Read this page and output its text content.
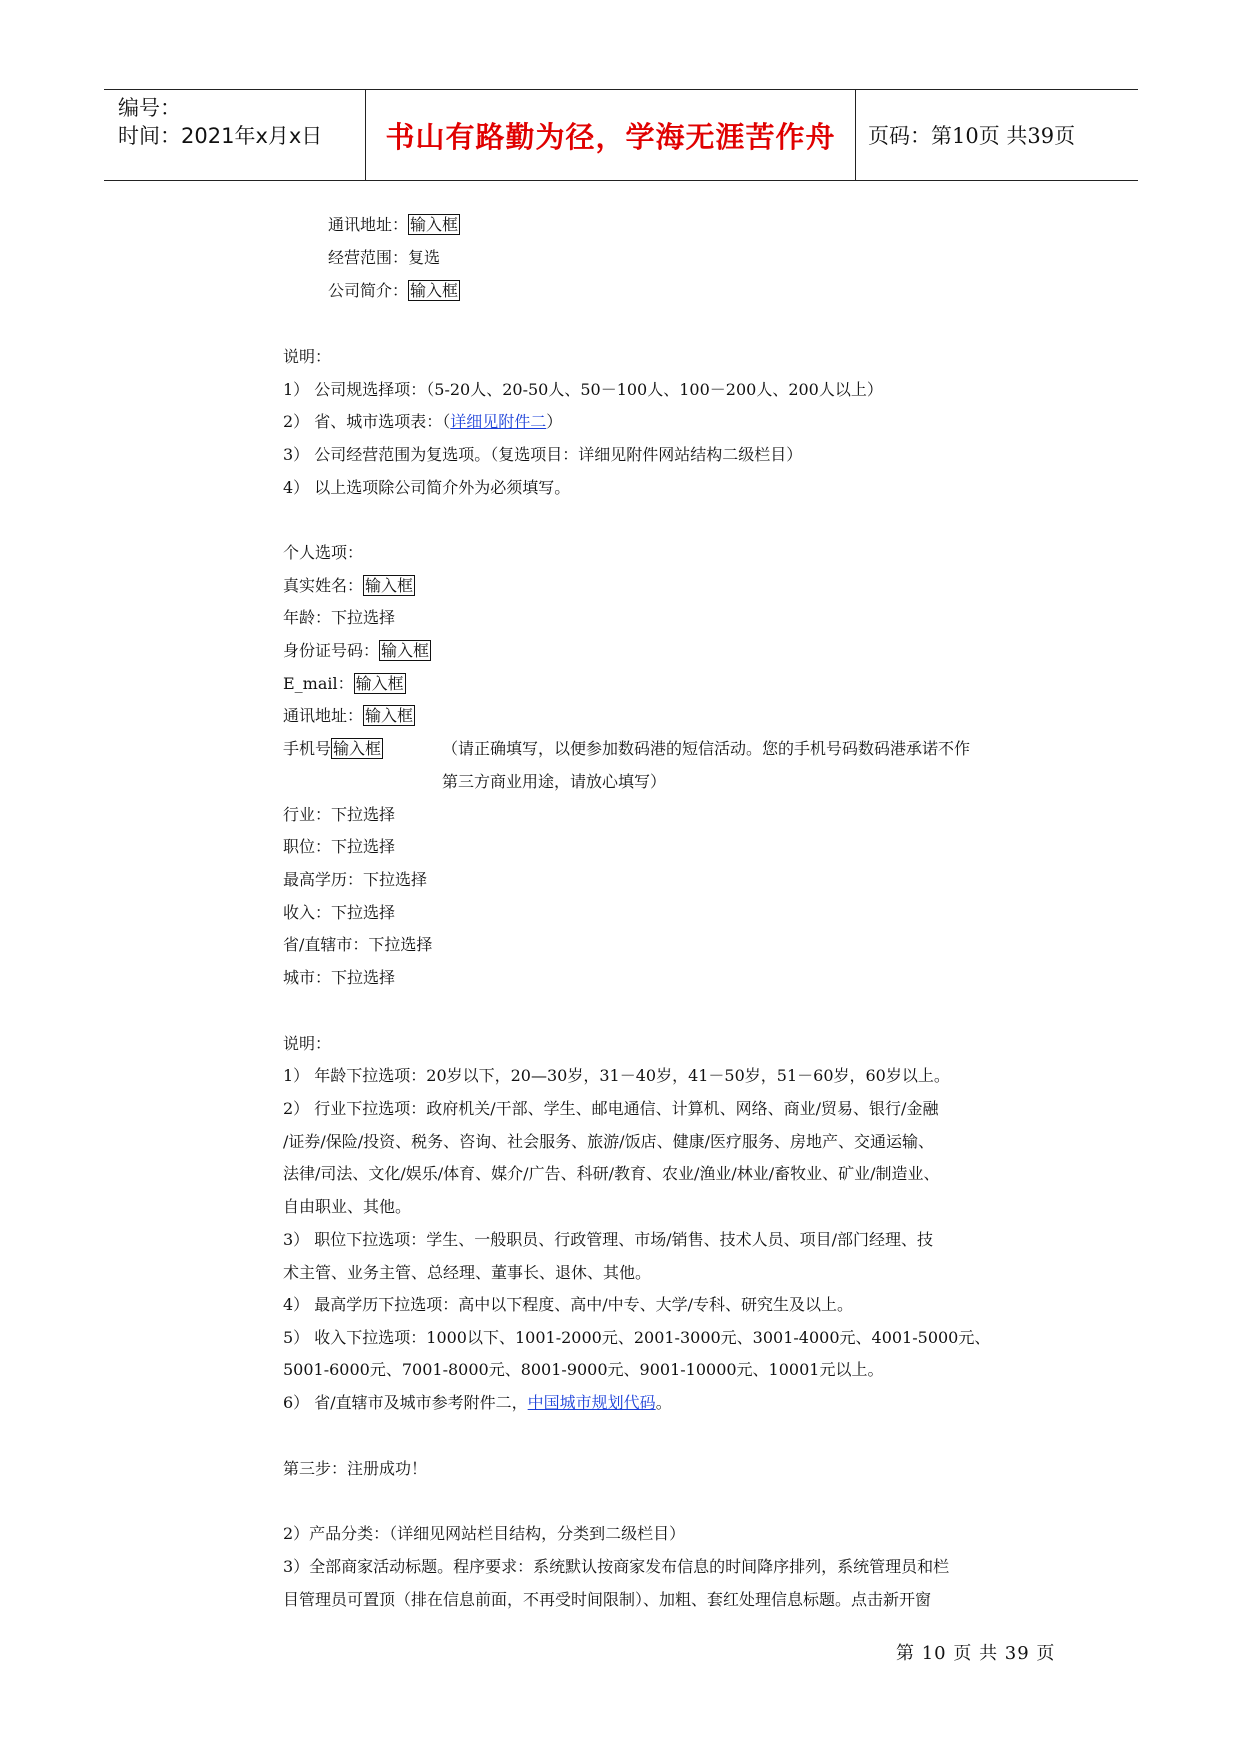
编号：
时间：2021年x月x日	书山有路勤为径，学海无涯苦作舟	页码：第10页 共39页
通讯地址： 输入框
经营范围：复选
公司简介： 输入框
说明：
1） 公司规选择项：（5-20人、20-50人、50－100人、100－200人、200人以上）
2） 省、城市选项表：（详细见附件二）
3） 公司经营范围为复选项。（复选项目：详细见附件网站结构二级栏目）
4） 以上选项除公司简介外为必须填写。
个人选项：
真实姓名： 输入框
年龄：下拉选择
身份证号码： 输入框
E_mail： 输入框
通讯地址： 输入框
手机号 输入框	（请正确填写，以便参加数码港的短信活动。您的手机号码数码港承诺不作
第三方商业用途，请放心填写）
行业：下拉选择
职位：下拉选择
最高学历：下拉选择
收入：下拉选择
省/直辖市：下拉选择
城市：下拉选择
说明：
1） 年龄下拉选项：20岁以下，20—30岁，31－40岁，41－50岁，51－60岁，60岁以上。
2） 行业下拉选项：政府机关/干部、学生、邮电通信、计算机、网络、商业/贸易、银行/金融
/证券/保险/投资、税务、咨询、社会服务、旅游/饭店、健康/医疗服务、房地产、交通运输、
法律/司法、文化/娱乐/体育、媒介/广告、科研/教育、农业/渔业/林业/畜牧业、矿业/制造业、
自由职业、其他。
3） 职位下拉选项：学生、一般职员、行政管理、市场/销售、技术人员、项目/部门经理、技
术主管、业务主管、总经理、董事长、退休、其他。
4） 最高学历下拉选项：高中以下程度、高中/中专、大学/专科、研究生及以上。
5） 收入下拉选项：1000以下、1001-2000元、2001-3000元、3001-4000元、4001-5000元、
5001-6000元、7001-8000元、8001-9000元、9001-10000元、10001元以上。
6） 省/直辖市及城市参考附件二，中国城市规划代码。
第三步：注册成功！
2）产品分类：（详细见网站栏目结构，分类到二级栏目）
3）全部商家活动标题。程序要求：系统默认按商家发布信息的时间降序排列，系统管理员和栏
目管理员可置顶（排在信息前面，不再受时间限制）、加粗、套红处理信息标题。点击新开窗
第 10 页 共 39 页
